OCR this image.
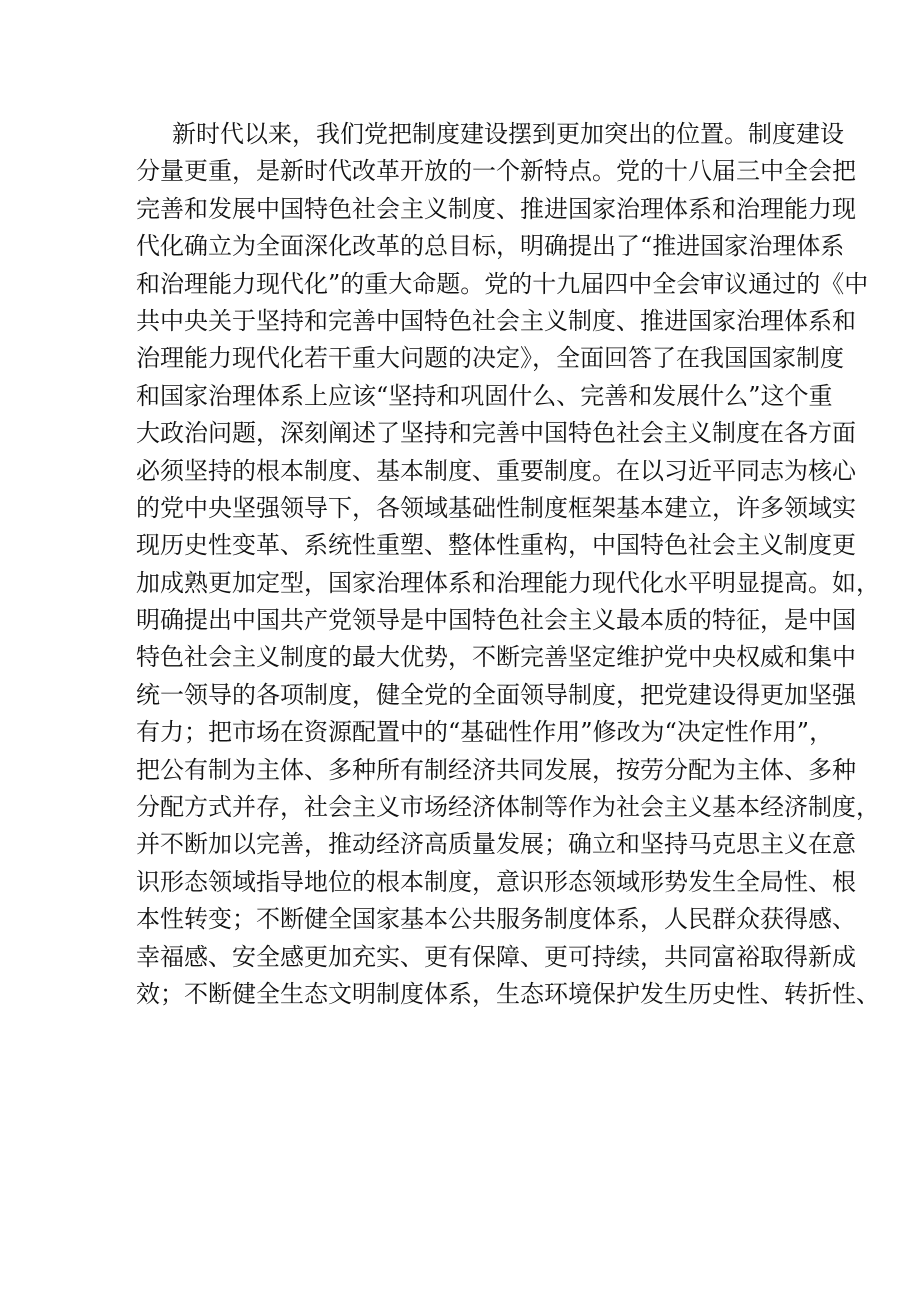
新时代以来，我们党把制度建设摆到更加突出的位置。制度建设
分量更重，是新时代改革开放的一个新特点。党的十八届三中全会把
完善和发展中国特色社会主义制度、推进国家治理体系和治理能力现
代化确立为全面深化改革的总目标，明确提出了“推进国家治理体系
和治理能力现代化”的重大命题。党的十九届四中全会审议通过的《中
共中央关于坚持和完善中国特色社会主义制度、推进国家治理体系和
治理能力现代化若干重大问题的决定》，全面回答了在我国国家制度
和国家治理体系上应该“坚持和巩固什么、完善和发展什么”这个重
大政治问题，深刻阐述了坚持和完善中国特色社会主义制度在各方面
必须坚持的根本制度、基本制度、重要制度。在以习近平同志为核心
的党中央坚强领导下，各领域基础性制度框架基本建立，许多领域实
现历史性变革、系统性重塑、整体性重构，中国特色社会主义制度更
加成熟更加定型，国家治理体系和治理能力现代化水平明显提高。如，
明确提出中国共产党领导是中国特色社会主义最本质的特征，是中国
特色社会主义制度的最大优势，不断完善坚定维护党中央权威和集中
统一领导的各项制度，健全党的全面领导制度，把党建设得更加坚强
有力；把市场在资源配置中的“基础性作用”修改为“决定性作用”，
把公有制为主体、多种所有制经济共同发展，按劳分配为主体、多种
分配方式并存，社会主义市场经济体制等作为社会主义基本经济制度，
并不断加以完善，推动经济高质量发展；确立和坚持马克思主义在意
识形态领域指导地位的根本制度，意识形态领域形势发生全局性、根
本性转变；不断健全国家基本公共服务制度体系，人民群众获得感、
幸福感、安全感更加充实、更有保障、更可持续，共同富裕取得新成
效；不断健全生态文明制度体系，生态环境保护发生历史性、转折性、
